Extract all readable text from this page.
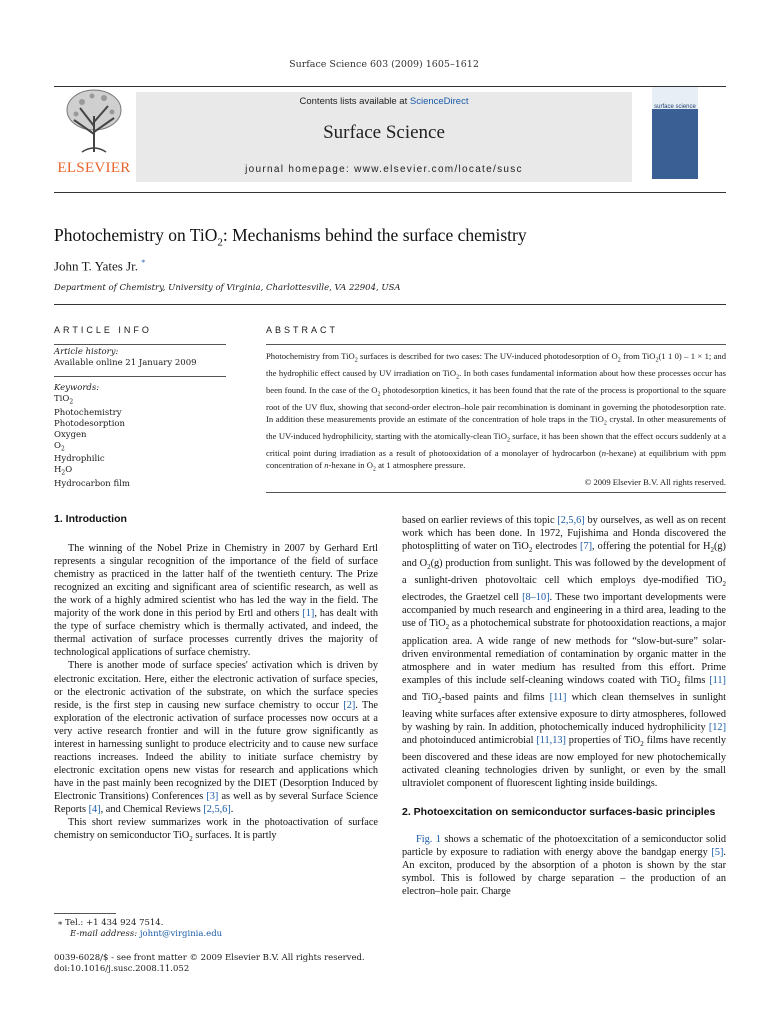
Surface Science 603 (2009) 1605–1612
ELSEVIER
Contents lists available at ScienceDirect
Surface Science
journal homepage: www.elsevier.com/locate/susc
surface science
Photochemistry on TiO$_2$: Mechanisms behind the surface chemistry
John T. Yates Jr. *
Department of Chemistry, University of Virginia, Charlottesville, VA 22904, USA
ARTICLE INFO
Article history:
Available online 21 January 2009
Keywords:
TiO$_2$
Photochemistry
Photodesorption
Oxygen
$O_2$
Hydrophilic
$H_2O$
Hydrocarbon film
ABSTRACT

Photochemistry from TiO$_2$ surfaces is described for two cases: The UV-induced photodesorption of $O_2$ from TiO$_2$(1 1 0) – 1 × 1; and the hydrophilic effect caused by UV irradiation on TiO$_2$. In both cases fundamental information about how these processes occur has been found. In the case of the $O_2$ photodesorption kinetics, it has been found that the rate of the process is proportional to the square root of the UV flux, showing that second-order electron–hole pair recombination is dominant in governing the photodesorption rate. In addition these measurements provide an estimate of the concentration of hole traps in the TiO$_2$ crystal. In other measurements of the UV-induced hydrophilicity, starting with the atomically-clean TiO$_2$ surface, it has been shown that the effect occurs suddenly at a critical point during irradiation as a result of photooxidation of a monolayer of hydrocarbon (n-hexane) at equilibrium with ppm concentration of n-hexane in $O_2$ at 1 atmosphere pressure.

© 2009 Elsevier B.V. All rights reserved.

1. Introduction

The winning of the Nobel Prize in Chemistry in 2007 by Gerhard Ertl represents a singular recognition of the importance of the field of surface chemistry as practiced in the latter half of the twentieth century. The Prize recognized an exciting and significant area of scientific research, as well as the work of a highly admired scientist who has led the way in the field. The majority of the work done in this period by Ertl and others [1], has dealt with the type of surface chemistry which is thermally activated, and indeed, the thermal activation of surface processes currently drives the majority of technological applications of surface chemistry.

There is another mode of surface species' activation which is driven by electronic excitation. Here, either the electronic activation of surface species, or the electronic activation of the substrate, on which the surface species reside, is the first step in causing new surface chemistry to occur [2]. The exploration of the electronic activation of surface processes now occurs at a very active research frontier and will in the future grow significantly as interest in harnessing sunlight to produce electricity and to cause new surface reactions increases. Indeed the ability to initiate surface chemistry by electronic excitation opens new vistas for research and applications which have in the past mainly been recognized by the DIET (Desorption Induced by Electronic Transitions) Conferences [3] as well as by several Surface Science Reports [4], and Chemical Reviews [2,5,6].

This short review summarizes work in the photoactivation of surface chemistry on semiconductor TiO$_2$ surfaces. It is partly

⁎ Tel.: +1 434 924 7514.
E-mail address: johnt@virginia.edu
0039-6028/$ - see front matter © 2009 Elsevier B.V. All rights reserved.
doi:10.1016/j.susc.2008.11.052

based on earlier reviews of this topic [2,5,6] by ourselves, as well as on recent work which has been done. In 1972, Fujishima and Honda discovered the photosplitting of water on TiO$_2$ electrodes [7], offering the potential for $H_2(g)$ and $O_2(g)$ production from sunlight. This was followed by the development of a sunlight-driven photovoltaic cell which employs dye-modified TiO$_2$ electrodes, the Graetzel cell [8–10]. These two important developments were accompanied by much research and engineering in a third area, leading to the use of TiO$_2$ as a photochemical substrate for photooxidation reactions, a major application area. A wide range of new methods for “slow-but-sure” solar-driven environmental remediation of contamination by organic matter in the atmosphere and in water medium has resulted from this effort. Prime examples of this include self-cleaning windows coated with TiO$_2$ films [11] and TiO$_2$-based paints and films [11] which clean themselves in sunlight leaving white surfaces after extensive exposure to dirty atmospheres, followed by washing by rain. In addition, photochemically induced hydrophilicity [12] and photoinduced antimicrobial [11,13] properties of TiO$_2$ films have recently been discovered and these ideas are now employed for new photochemically activated cleaning technologies driven by sunlight, or even by the small ultraviolet component of fluorescent lighting inside buildings.

2. Photoexcitation on semiconductor surfaces-basic principles

Fig. 1 shows a schematic of the photoexcitation of a semiconductor solid particle by exposure to radiation with energy above the bandgap energy [5]. An exciton, produced by the absorption of a photon is shown by the star symbol. This is followed by charge separation – the production of an electron–hole pair. Charge
